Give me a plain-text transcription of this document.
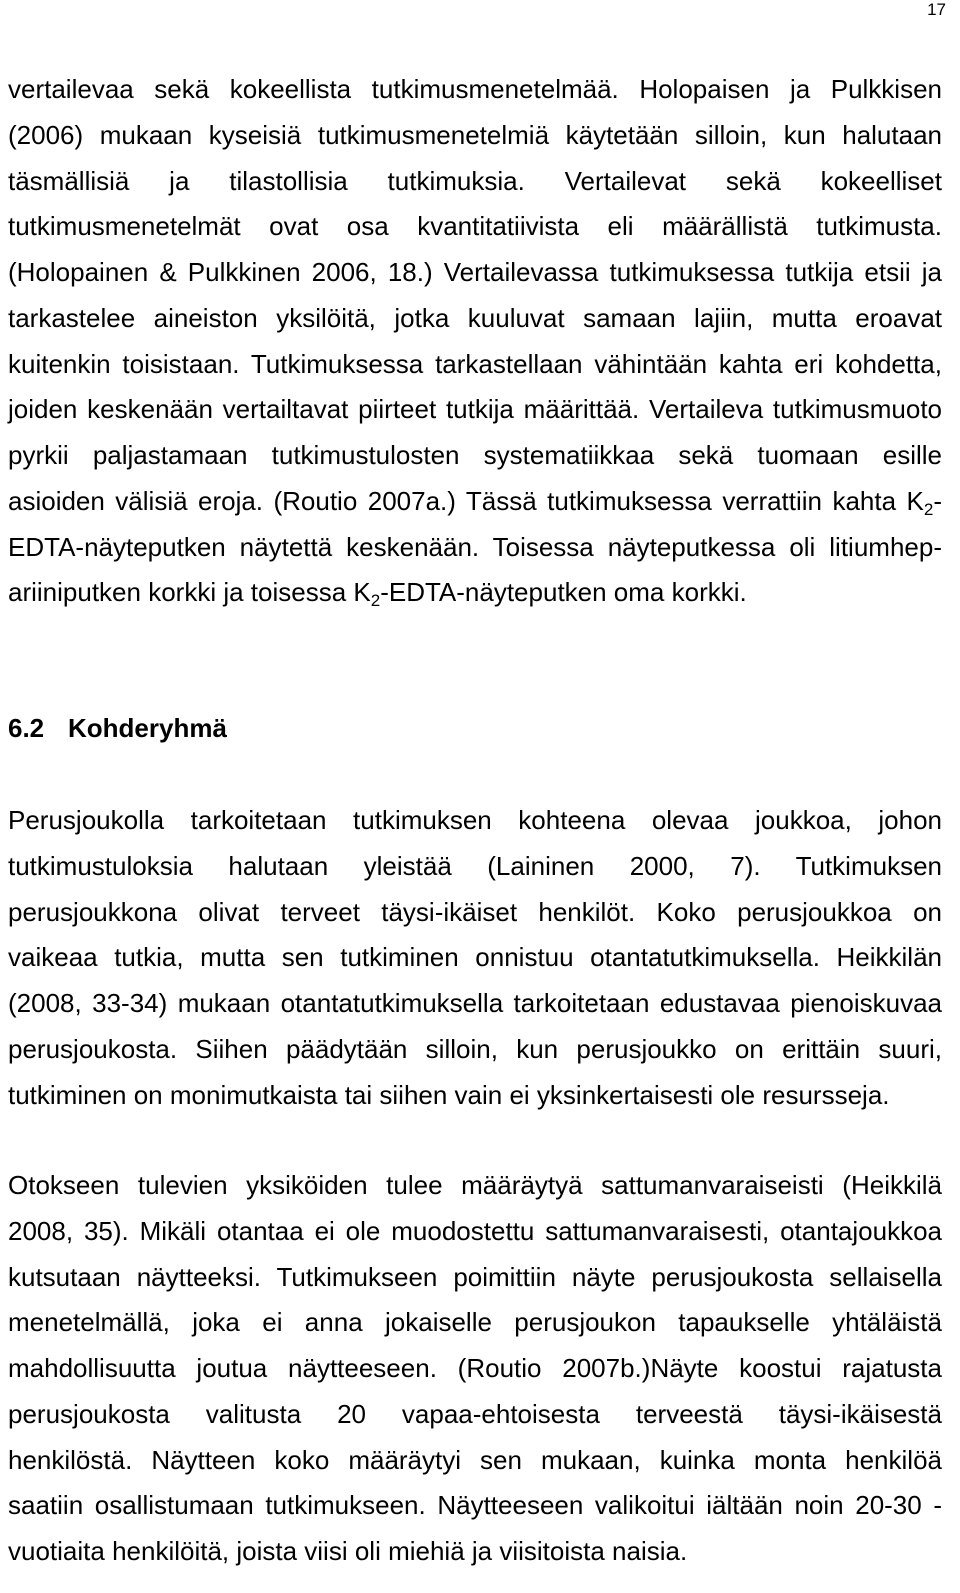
17
vertailevaa sekä kokeellista tutkimusmenetelmää. Holopaisen ja Pulkkisen
(2006) mukaan kyseisiä tutkimusmenetelmiä käytetään silloin, kun halutaan
täsmällisiä ja tilastollisia tutkimuksia. Vertailevat sekä kokeelliset
tutkimusmenetelmät ovat osa kvantitatiivista eli määrällistä tutkimusta.
(Holopainen & Pulkkinen 2006, 18.) Vertailevassa tutkimuksessa tutkija etsii ja
tarkastelee aineiston yksilöitä, jotka kuuluvat samaan lajiin, mutta eroavat
kuitenkin toisistaan. Tutkimuksessa tarkastellaan vähintään kahta eri kohdetta,
joiden keskenään vertailtavat piirteet tutkija määrittää. Vertaileva tutkimusmuoto
pyrkii paljastamaan tutkimustulosten systematiikkaa sekä tuomaan esille
asioiden välisiä eroja. (Routio 2007a.) Tässä tutkimuksessa verrattiin kahta $K_2-$
EDTA-näyteputken näytettä keskenään. Toisessa näyteputkessa oli litiumhep-
ariiniputken korkki ja toisessa $K_2-EDTA$-näyteputken oma korkki.
6.2 Kohderyhmä
Perusjoukolla tarkoitetaan tutkimuksen kohteena olevaa joukkoa, johon
tutkimustuloksia halutaan yleistää (Laininen 2000, 7). Tutkimuksen
perusjoukkona olivat terveet täysi-ikäiset henkilöt. Koko perusjoukkoa on
vaikeaa tutkia, mutta sen tutkiminen onnistuu otantatutkimuksella. Heikkilän
(2008, 33-34) mukaan otantatutkimuksella tarkoitetaan edustavaa pienoiskuvaa
perusjoukosta. Siihen päädytään silloin, kun perusjoukko on erittäin suuri,
tutkiminen on monimutkaista tai siihen vain ei yksinkertaisesti ole resursseja.
Otokseen tulevien yksiköiden tulee määräytyä sattumanvaraiseisti (Heikkilä
2008, 35). Mikäli otantaa ei ole muodostettu sattumanvaraisesti, otantajoukkoa
kutsutaan näytteeksi. Tutkimukseen poimittiin näyte perusjoukosta sellaisella
menetelmällä, joka ei anna jokaiselle perusjoukon tapaukselle yhtäläistä
mahdollisuutta joutua näytteeseen. (Routio 2007b.)Näyte koostui rajatusta
perusjoukosta valitusta 20 vapaa-ehtoisesta terveestä täysi-ikäisestä
henkilöstä. Näytteen koko määräytyi sen mukaan, kuinka monta henkilöä
saatiin osallistumaan tutkimukseen. Näytteeseen valikoitui iältään noin 20-30 -
vuotiaita henkilöitä, joista viisi oli miehiä ja viisitoista naisia.
